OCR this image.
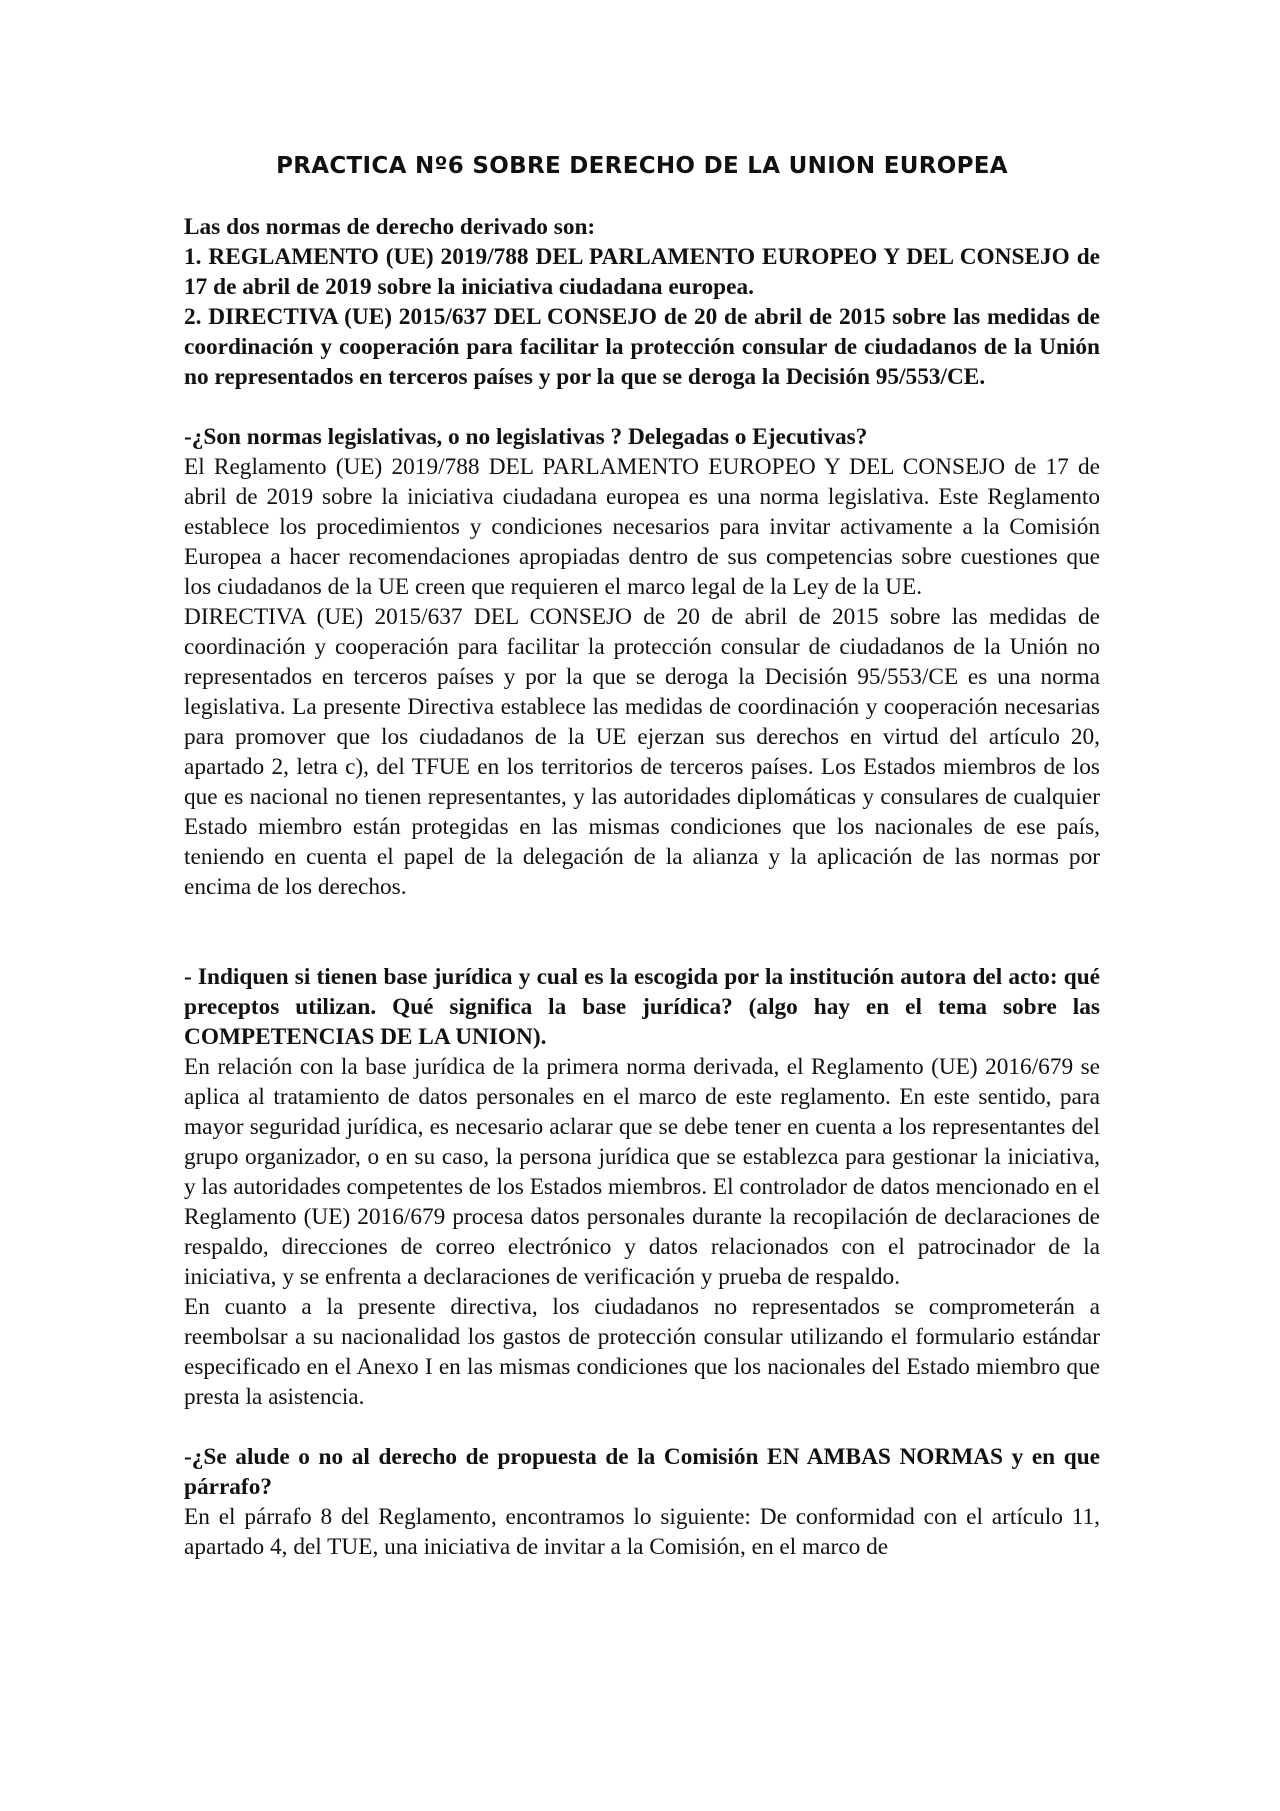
PRACTICA Nº6 SOBRE DERECHO DE LA UNION EUROPEA

Las dos normas de derecho derivado son:

1. REGLAMENTO (UE) 2019/788 DEL PARLAMENTO EUROPEO Y DEL CONSEJO de 17 de abril de 2019 sobre la iniciativa ciudadana europea.

2. DIRECTIVA (UE) 2015/637 DEL CONSEJO de 20 de abril de 2015 sobre las medidas de coordinación y cooperación para facilitar la protección consular de ciudadanos de la Unión no representados en terceros países y por la que se deroga la Decisión 95/553/CE.

-¿Son normas legislativas, o no legislativas ? Delegadas o Ejecutivas?

El Reglamento (UE) 2019/788 DEL PARLAMENTO EUROPEO Y DEL CONSEJO de 17 de abril de 2019 sobre la iniciativa ciudadana europea es una norma legislativa. Este Reglamento establece los procedimientos y condiciones necesarios para invitar activamente a la Comisión Europea a hacer recomendaciones apropiadas dentro de sus competencias sobre cuestiones que los ciudadanos de la UE creen que requieren el marco legal de la Ley de la UE.

DIRECTIVA (UE) 2015/637 DEL CONSEJO de 20 de abril de 2015 sobre las medidas de coordinación y cooperación para facilitar la protección consular de ciudadanos de la Unión no representados en terceros países y por la que se deroga la Decisión 95/553/CE es una norma legislativa. La presente Directiva establece las medidas de coordinación y cooperación necesarias para promover que los ciudadanos de la UE ejerzan sus derechos en virtud del artículo 20, apartado 2, letra c), del TFUE en los territorios de terceros países. Los Estados miembros de los que es nacional no tienen representantes, y las autoridades diplomáticas y consulares de cualquier Estado miembro están protegidas en las mismas condiciones que los nacionales de ese país, teniendo en cuenta el papel de la delegación de la alianza y la aplicación de las normas por encima de los derechos.

- Indiquen si tienen base jurídica y cual es la escogida por la institución autora del acto: qué preceptos utilizan. Qué significa la base jurídica? (algo hay en el tema sobre las COMPETENCIAS DE LA UNION).

En relación con la base jurídica de la primera norma derivada, el Reglamento (UE) 2016/679 se aplica al tratamiento de datos personales en el marco de este reglamento. En este sentido, para mayor seguridad jurídica, es necesario aclarar que se debe tener en cuenta a los representantes del grupo organizador, o en su caso, la persona jurídica que se establezca para gestionar la iniciativa, y las autoridades competentes de los Estados miembros. El controlador de datos mencionado en el Reglamento (UE) 2016/679 procesa datos personales durante la recopilación de declaraciones de respaldo, direcciones de correo electrónico y datos relacionados con el patrocinador de la iniciativa, y se enfrenta a declaraciones de verificación y prueba de respaldo.

En cuanto a la presente directiva, los ciudadanos no representados se comprometerán a reembolsar a su nacionalidad los gastos de protección consular utilizando el formulario estándar especificado en el Anexo I en las mismas condiciones que los nacionales del Estado miembro que presta la asistencia.

-¿Se alude o no al derecho de propuesta de la Comisión EN AMBAS NORMAS y en que párrafo?

En el párrafo 8 del Reglamento, encontramos lo siguiente: De conformidad con el artículo 11, apartado 4, del TUE, una iniciativa de invitar a la Comisión, en el marco de
